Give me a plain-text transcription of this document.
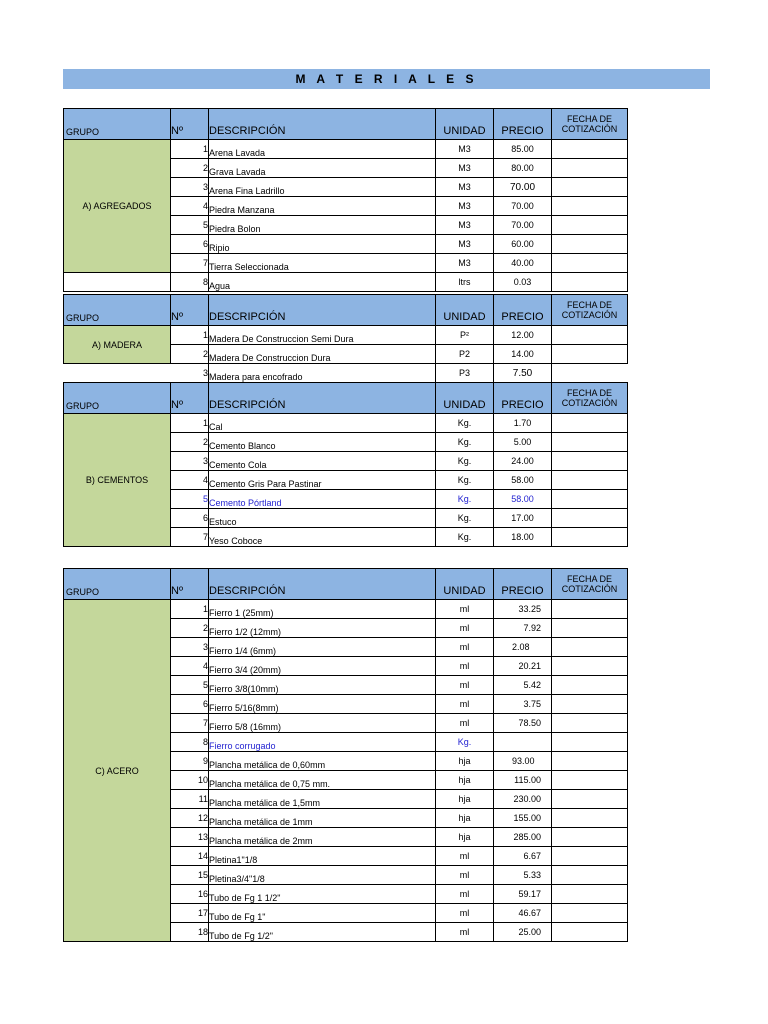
M A T E R I A L E S
GRUPO	Nº	DESCRIPCIÓN	UNIDAD	PRECIO	FECHA DE COTIZACIÓN
A) AGREGADOS	1	Arena Lavada	M3	85.00	
	2	Grava Lavada	M3	80.00	
	3	Arena Fina Ladrillo	M3	70.00	
	4	Piedra Manzana	M3	70.00	
	5	Piedra Bolon	M3	70.00	
	6	Ripio	M3	60.00	
	7	Tierra Seleccionada	M3	40.00	
	8	Agua	ltrs	0.03	
GRUPO	Nº	DESCRIPCIÓN	UNIDAD	PRECIO	FECHA DE COTIZACIÓN
A) MADERA	1	Madera De Construccion Semi Dura	P²	12.00	
	2	Madera De Construccion Dura	P2	14.00	
	3	Madera para encofrado	P3	7.50	
GRUPO	Nº	DESCRIPCIÓN	UNIDAD	PRECIO	FECHA DE COTIZACIÓN
B) CEMENTOS	1	Cal	Kg.	1.70	
	2	Cemento Blanco	Kg.	5.00	
	3	Cemento Cola	Kg.	24.00	
	4	Cemento Gris Para Pastinar	Kg.	58.00	
	5	Cemento Pórtland	Kg.	58.00	
	6	Estuco	Kg.	17.00	
	7	Yeso Coboce	Kg.	18.00	
GRUPO	Nº	DESCRIPCIÓN	UNIDAD	PRECIO	FECHA DE COTIZACIÓN
C) ACERO	1	Fierro 1 (25mm)	ml	33.25	
	2	Fierro 1/2 (12mm)	ml	7.92	
	3	Fierro 1/4 (6mm)	ml	2.08	
	4	Fierro 3/4 (20mm)	ml	20.21	
	5	Fierro 3/8(10mm)	ml	5.42	
	6	Fierro 5/16(8mm)	ml	3.75	
	7	Fierro 5/8 (16mm)	ml	78.50	
	8	Fierro corrugado	Kg.		
	9	Plancha metálica de 0,60mm	hja	93.00	
	10	Plancha metálica de 0,75 mm.	hja	115.00	
	11	Plancha metálica de 1,5mm	hja	230.00	
	12	Plancha metálica de 1mm	hja	155.00	
	13	Plancha metálica de 2mm	hja	285.00	
	14	Pletina1"1/8	ml	6.67	
	15	Pletina3/4"1/8	ml	5.33	
	16	Tubo de Fg 1 1/2"	ml	59.17	
	17	Tubo de Fg 1"	ml	46.67	
	18	Tubo de Fg 1/2"	ml	25.00	
